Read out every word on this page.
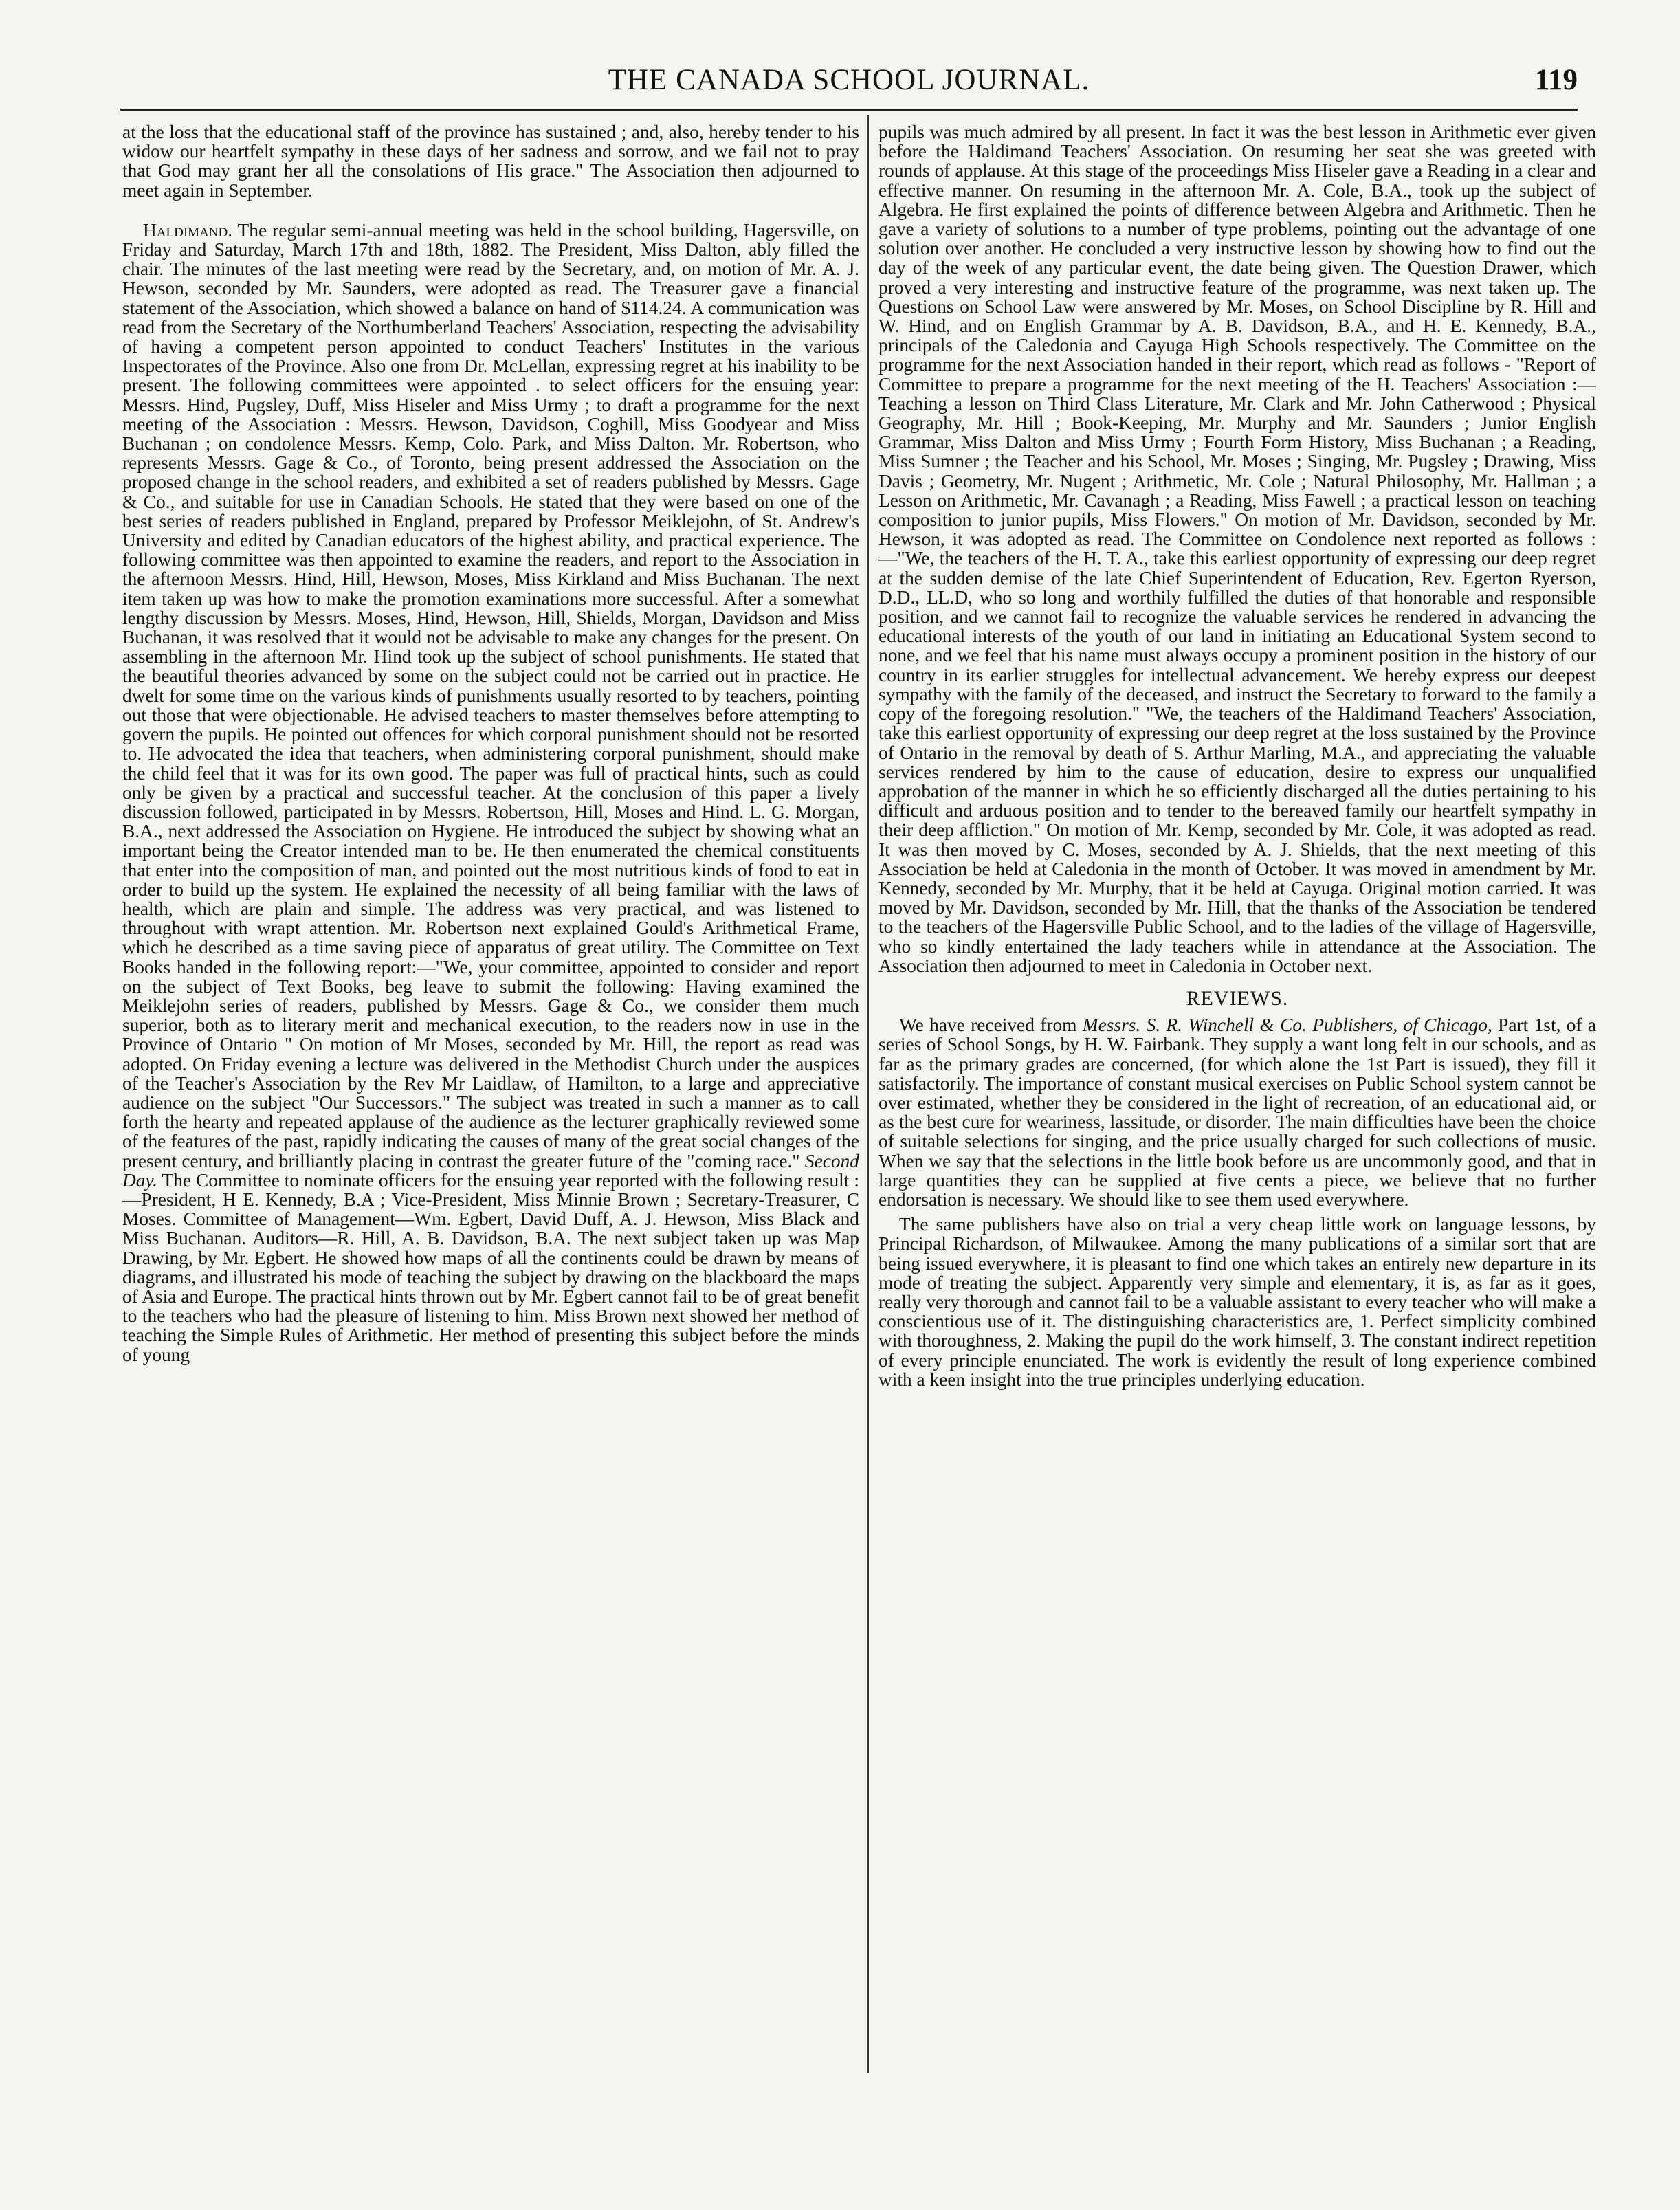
THE CANADA SCHOOL JOURNAL.	119

at the loss that the educational staff of the province has sustained ; and, also, hereby tender to his widow our heartfelt sympathy in these days of her sadness and sorrow, and we fail not to pray that God may grant her all the consolations of His grace." The Association then adjourned to meet again in September.

Haldimand. The regular semi-annual meeting was held in the school building, Hagersville, on Friday and Saturday, March 17th and 18th, 1882. The President, Miss Dalton, ably filled the chair. The minutes of the last meeting were read by the Secretary, and, on motion of Mr. A. J. Hewson, seconded by Mr. Saunders, were adopted as read. The Treasurer gave a financial statement of the Association, which showed a balance on hand of $114.24. A communication was read from the Secretary of the Northumberland Teachers' Association, respecting the advisability of having a competent person appointed to conduct Teachers' Institutes in the various Inspectorates of the Province. Also one from Dr. McLellan, expressing regret at his inability to be present. The following committees were appointed . to select officers for the ensuing year: Messrs. Hind, Pugsley, Duff, Miss Hiseler and Miss Urmy ; to draft a programme for the next meeting of the Association : Messrs. Hewson, Davidson, Coghill, Miss Goodyear and Miss Buchanan ; on condolence Messrs. Kemp, Colo. Park, and Miss Dalton. Mr. Robertson, who represents Messrs. Gage & Co., of Toronto, being present addressed the Association on the proposed change in the school readers, and exhibited a set of readers published by Messrs. Gage & Co., and suitable for use in Canadian Schools. He stated that they were based on one of the best series of readers published in England, prepared by Professor Meiklejohn, of St. Andrew's University and edited by Canadian educators of the highest ability, and practical experience. The following committee was then appointed to examine the readers, and report to the Association in the afternoon Messrs. Hind, Hill, Hewson, Moses, Miss Kirkland and Miss Buchanan. The next item taken up was how to make the promotion examinations more successful. After a somewhat lengthy discussion by Messrs. Moses, Hind, Hewson, Hill, Shields, Morgan, Davidson and Miss Buchanan, it was resolved that it would not be advisable to make any changes for the present. On assembling in the afternoon Mr. Hind took up the subject of school punishments. He stated that the beautiful theories advanced by some on the subject could not be carried out in practice. He dwelt for some time on the various kinds of punishments usually resorted to by teachers, pointing out those that were objectionable. He advised teachers to master themselves before attempting to govern the pupils. He pointed out offences for which corporal punishment should not be resorted to. He advocated the idea that teachers, when administering corporal punishment, should make the child feel that it was for its own good. The paper was full of practical hints, such as could only be given by a practical and successful teacher. At the conclusion of this paper a lively discussion followed, participated in by Messrs. Robertson, Hill, Moses and Hind. L. G. Morgan, B.A., next addressed the Association on Hygiene. He introduced the subject by showing what an important being the Creator intended man to be. He then enumerated the chemical constituents that enter into the composition of man, and pointed out the most nutritious kinds of food to eat in order to build up the system. He explained the necessity of all being familiar with the laws of health, which are plain and simple. The address was very practical, and was listened to throughout with wrapt attention. Mr. Robertson next explained Gould's Arithmetical Frame, which he described as a time saving piece of apparatus of great utility. The Committee on Text Books handed in the following report:—"We, your committee, appointed to consider and report on the subject of Text Books, beg leave to submit the following: Having examined the Meiklejohn series of readers, published by Messrs. Gage & Co., we consider them much superior, both as to literary merit and mechanical execution, to the readers now in use in the Province of Ontario " On motion of Mr Moses, seconded by Mr. Hill, the report as read was adopted. On Friday evening a lecture was delivered in the Methodist Church under the auspices of the Teacher's Association by the Rev Mr Laidlaw, of Hamilton, to a large and appreciative audience on the subject "Our Successors." The subject was treated in such a manner as to call forth the hearty and repeated applause of the audience as the lecturer graphically reviewed some of the features of the past, rapidly indicating the causes of many of the great social changes of the present century, and brilliantly placing in contrast the greater future of the "coming race." Second Day. The Committee to nominate officers for the ensuing year reported with the following result :—President, H E. Kennedy, B.A ; Vice-President, Miss Minnie Brown ; Secretary-Treasurer, C Moses. Committee of Management—Wm. Egbert, David Duff, A. J. Hewson, Miss Black and Miss Buchanan. Auditors—R. Hill, A. B. Davidson, B.A. The next subject taken up was Map Drawing, by Mr. Egbert. He showed how maps of all the continents could be drawn by means of diagrams, and illustrated his mode of teaching the subject by drawing on the blackboard the maps of Asia and Europe. The practical hints thrown out by Mr. Egbert cannot fail to be of great benefit to the teachers who had the pleasure of listening to him. Miss Brown next showed her method of teaching the Simple Rules of Arithmetic. Her method of presenting this subject before the minds of young

pupils was much admired by all present. In fact it was the best lesson in Arithmetic ever given before the Haldimand Teachers' Association. On resuming her seat she was greeted with rounds of applause. At this stage of the proceedings Miss Hiseler gave a Reading in a clear and effective manner. On resuming in the afternoon Mr. A. Cole, B.A., took up the subject of Algebra. He first explained the points of difference between Algebra and Arithmetic. Then he gave a variety of solutions to a number of type problems, pointing out the advantage of one solution over another. He concluded a very instructive lesson by showing how to find out the day of the week of any particular event, the date being given. The Question Drawer, which proved a very interesting and instructive feature of the programme, was next taken up. The Questions on School Law were answered by Mr. Moses, on School Discipline by R. Hill and W. Hind, and on English Grammar by A. B. Davidson, B.A., and H. E. Kennedy, B.A., principals of the Caledonia and Cayuga High Schools respectively. The Committee on the programme for the next Association handed in their report, which read as follows - "Report of Committee to prepare a programme for the next meeting of the H. Teachers' Association :—Teaching a lesson on Third Class Literature, Mr. Clark and Mr. John Catherwood ; Physical Geography, Mr. Hill ; Book-Keeping, Mr. Murphy and Mr. Saunders ; Junior English Grammar, Miss Dalton and Miss Urmy ; Fourth Form History, Miss Buchanan ; a Reading, Miss Sumner ; the Teacher and his School, Mr. Moses ; Singing, Mr. Pugsley ; Drawing, Miss Davis ; Geometry, Mr. Nugent ; Arithmetic, Mr. Cole ; Natural Philosophy, Mr. Hallman ; a Lesson on Arithmetic, Mr. Cavanagh ; a Reading, Miss Fawell ; a practical lesson on teaching composition to junior pupils, Miss Flowers." On motion of Mr. Davidson, seconded by Mr. Hewson, it was adopted as read. The Committee on Condolence next reported as follows :—"We, the teachers of the H. T. A., take this earliest opportunity of expressing our deep regret at the sudden demise of the late Chief Superintendent of Education, Rev. Egerton Ryerson, D.D., LL.D, who so long and worthily fulfilled the duties of that honorable and responsible position, and we cannot fail to recognize the valuable services he rendered in advancing the educational interests of the youth of our land in initiating an Educational System second to none, and we feel that his name must always occupy a prominent position in the history of our country in its earlier struggles for intellectual advancement. We hereby express our deepest sympathy with the family of the deceased, and instruct the Secretary to forward to the family a copy of the foregoing resolution." "We, the teachers of the Haldimand Teachers' Association, take this earliest opportunity of expressing our deep regret at the loss sustained by the Province of Ontario in the removal by death of S. Arthur Marling, M.A., and appreciating the valuable services rendered by him to the cause of education, desire to express our unqualified approbation of the manner in which he so efficiently discharged all the duties pertaining to his difficult and arduous position and to tender to the bereaved family our heartfelt sympathy in their deep affliction." On motion of Mr. Kemp, seconded by Mr. Cole, it was adopted as read. It was then moved by C. Moses, seconded by A. J. Shields, that the next meeting of this Association be held at Caledonia in the month of October. It was moved in amendment by Mr. Kennedy, seconded by Mr. Murphy, that it be held at Cayuga. Original motion carried. It was moved by Mr. Davidson, seconded by Mr. Hill, that the thanks of the Association be tendered to the teachers of the Hagersville Public School, and to the ladies of the village of Hagersville, who so kindly entertained the lady teachers while in attendance at the Association. The Association then adjourned to meet in Caledonia in October next.

REVIEWS.

We have received from Messrs. S. R. Winchell & Co. Publishers, of Chicago, Part 1st, of a series of School Songs, by H. W. Fairbank. They supply a want long felt in our schools, and as far as the primary grades are concerned, (for which alone the 1st Part is issued), they fill it satisfactorily. The importance of constant musical exercises on Public School system cannot be over estimated, whether they be considered in the light of recreation, of an educational aid, or as the best cure for weariness, lassitude, or disorder. The main difficulties have been the choice of suitable selections for singing, and the price usually charged for such collections of music. When we say that the selections in the little book before us are uncommonly good, and that in large quantities they can be supplied at five cents a piece, we believe that no further endorsation is necessary. We should like to see them used everywhere.

The same publishers have also on trial a very cheap little work on language lessons, by Principal Richardson, of Milwaukee. Among the many publications of a similar sort that are being issued everywhere, it is pleasant to find one which takes an entirely new departure in its mode of treating the subject. Apparently very simple and elementary, it is, as far as it goes, really very thorough and cannot fail to be a valuable assistant to every teacher who will make a conscientious use of it. The distinguishing characteristics are, 1. Perfect simplicity combined with thoroughness, 2. Making the pupil do the work himself, 3. The constant indirect repetition of every principle enunciated. The work is evidently the result of long experience combined with a keen insight into the true principles underlying education.
